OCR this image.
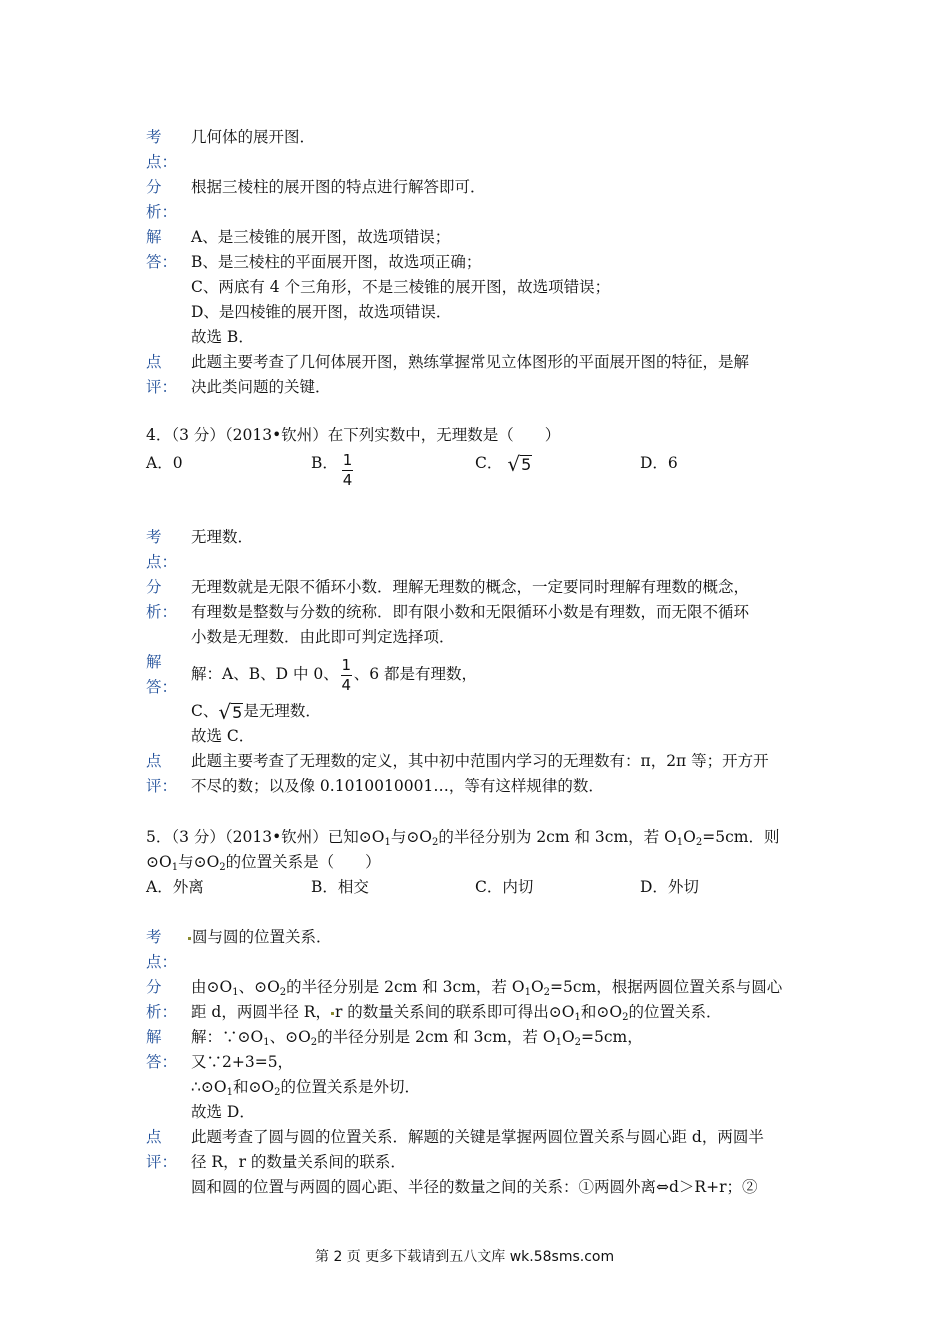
考
点：
几何体的展开图．
分
析：
根据三棱柱的展开图的特点进行解答即可．
解
答：
A、是三棱锥的展开图，故选项错误；
B、是三棱柱的平面展开图，故选项正确；
C、两底有 4 个三角形，不是三棱锥的展开图，故选项错误；
D、是四棱锥的展开图，故选项错误．
故选 B．
点
评：
此题主要考查了几何体展开图，熟练掌握常见立体图形的平面展开图的特征，是解
决此类问题的关键．
4．（3 分）（2013•钦州）在下列实数中，无理数是（　　）
A．0	B． $\frac{1}{4}$	C． √ 5	D．6
考
点：
无理数．
分
析：
无理数就是无限不循环小数．理解无理数的概念，一定要同时理解有理数的概念，
有理数是整数与分数的统称．即有限小数和无限循环小数是有理数，而无限不循环
小数是无理数．由此即可判定选择项．
解
答：
解：A、B、D 中 0、 $\frac{1}{4}$ 、6 都是有理数，
C、 √ 5 是无理数．
故选 C．
点
评：
此题主要考查了无理数的定义，其中初中范围内学习的无理数有：π，2π 等；开方开
不尽的数；以及像 0.1010010001…，等有这样规律的数．
5．（3 分）（2013•钦州）已知$⊙O_1$与$⊙O_2$的半径分别为 2cm 和 3cm，若 $O_1O_2=5cm$．则
$⊙O_1$与$⊙O_2$的位置关系是（　　）
A．外离	B．相交	C．内切	D．外切
考
点：
圆与圆的位置关系．
分
析：
由$⊙O_1$、$⊙O_2$的半径分别是 2cm 和 3cm，若 $O_1O_2=5cm$，根据两圆位置关系与圆心
距 d，两圆半径 R， r 的数量关系间的联系即可得出$⊙O_1$和$⊙O_2$的位置关系．
解
答：
解：$\because⊙O_1$、$⊙O_2$的半径分别是 2cm 和 3cm，若 $O_1O_2=5cm$，
又∵2+3=5，
$\therefore⊙O_1$和$⊙O_2$的位置关系是外切．
故选 D．
点
评：
此题考查了圆与圆的位置关系．解题的关键是掌握两圆位置关系与圆心距 d，两圆半
径 R，r 的数量关系间的联系．
圆和圆的位置与两圆的圆心距、半径的数量之间的关系：①两圆外离⇔d＞R+r；②
第 2 页 更多下载请到五八文库 wk.58sms.com
